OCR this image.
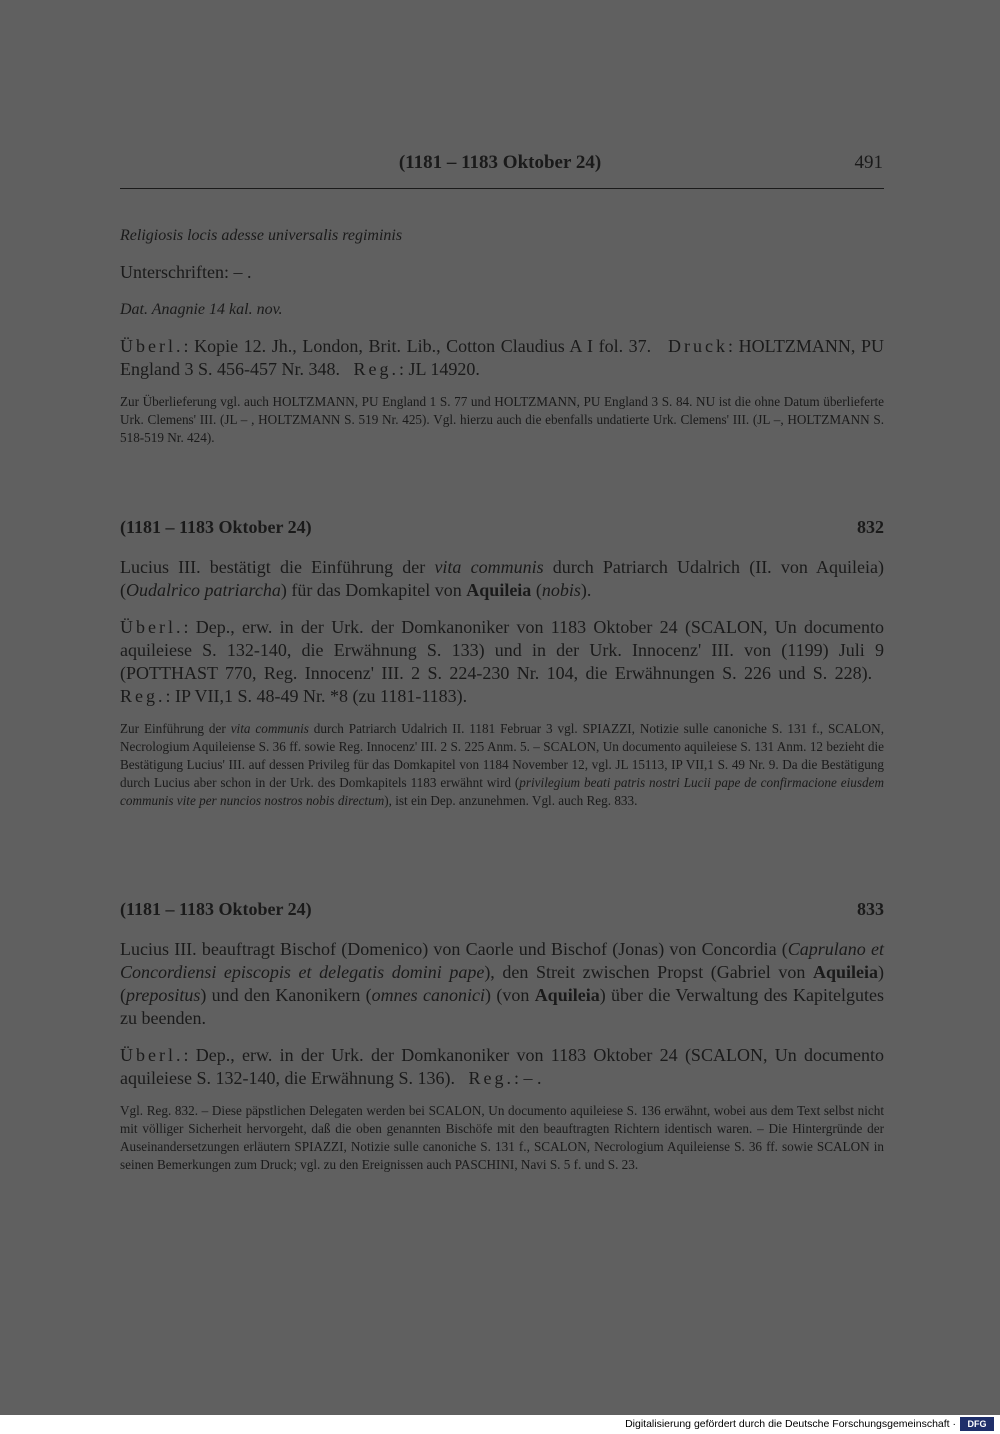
(1181 – 1183 Oktober 24)	491

Religiosis locis adesse universalis regiminis

Unterschriften: – .

Dat. Anagnie 14 kal. nov.

Überl.: Kopie 12. Jh., London, Brit. Lib., Cotton Claudius A I fol. 37. Druck: HOLTZMANN, PU England 3 S. 456-457 Nr. 348. Reg.: JL 14920.

Zur Überlieferung vgl. auch HOLTZMANN, PU England 1 S. 77 und HOLTZMANN, PU England 3 S. 84. NU ist die ohne Datum überlieferte Urk. Clemens' III. (JL – , HOLTZMANN S. 519 Nr. 425). Vgl. hierzu auch die ebenfalls undatierte Urk. Clemens' III. (JL –, HOLTZMANN S. 518-519 Nr. 424).

(1181 – 1183 Oktober 24)	832

Lucius III. bestätigt die Einführung der vita communis durch Patriarch Udalrich (II. von Aquileia) (Oudalrico patriarcha) für das Domkapitel von Aquileia (nobis).

Überl.: Dep., erw. in der Urk. der Domkanoniker von 1183 Oktober 24 (SCALON, Un documento aquileiese S. 132-140, die Erwähnung S. 133) und in der Urk. Innocenz' III. von (1199) Juli 9 (POTTHAST 770, Reg. Innocenz' III. 2 S. 224-230 Nr. 104, die Erwähnungen S. 226 und S. 228).   Reg.: IP VII,1 S. 48-49 Nr. *8 (zu 1181-1183).

Zur Einführung der vita communis durch Patriarch Udalrich II. 1181 Februar 3 vgl. SPIAZZI, Notizie sulle canoniche S. 131 f., SCALON, Necrologium Aquileiense S. 36 ff. sowie Reg. Innocenz' III. 2 S. 225 Anm. 5. – SCALON, Un documento aquileiese S. 131 Anm. 12 bezieht die Bestätigung Lucius' III. auf dessen Privileg für das Domkapitel von 1184 November 12, vgl. JL 15113, IP VII,1 S. 49 Nr. 9. Da die Bestätigung durch Lucius aber schon in der Urk. des Domkapitels 1183 erwähnt wird (privilegium beati patris nostri Lucii pape de confirmacione eiusdem communis vite per nuncios nostros nobis directum), ist ein Dep. anzunehmen. Vgl. auch Reg. 833.

(1181 – 1183 Oktober 24)	833

Lucius III. beauftragt Bischof (Domenico) von Caorle und Bischof (Jonas) von Concordia (Caprulano et Concordiensi episcopis et delegatis domini pape), den Streit zwischen Propst (Gabriel von Aquileia) (prepositus) und den Kanonikern (omnes canonici) (von Aquileia) über die Verwaltung des Kapitelgutes zu beenden.

Überl.: Dep., erw. in der Urk. der Domkanoniker von 1183 Oktober 24 (SCALON, Un documento aquileiese S. 132-140, die Erwähnung S. 136). Reg.: – .

Vgl. Reg. 832. – Diese päpstlichen Delegaten werden bei SCALON, Un documento aquileiese S. 136 erwähnt, wobei aus dem Text selbst nicht mit völliger Sicherheit hervorgeht, daß die oben genannten Bischöfe mit den beauftragten Richtern identisch waren. – Die Hintergründe der Auseinandersetzungen erläutern SPIAZZI, Notizie sulle canoniche S. 131 f., SCALON, Necrologium Aquileiense S. 36 ff. sowie SCALON in seinen Bemerkungen zum Druck; vgl. zu den Ereignissen auch PASCHINI, Navi S. 5 f. und S. 23.

Digitalisierung gefördert durch die Deutsche Forschungsgemeinschaft ·	DFG
